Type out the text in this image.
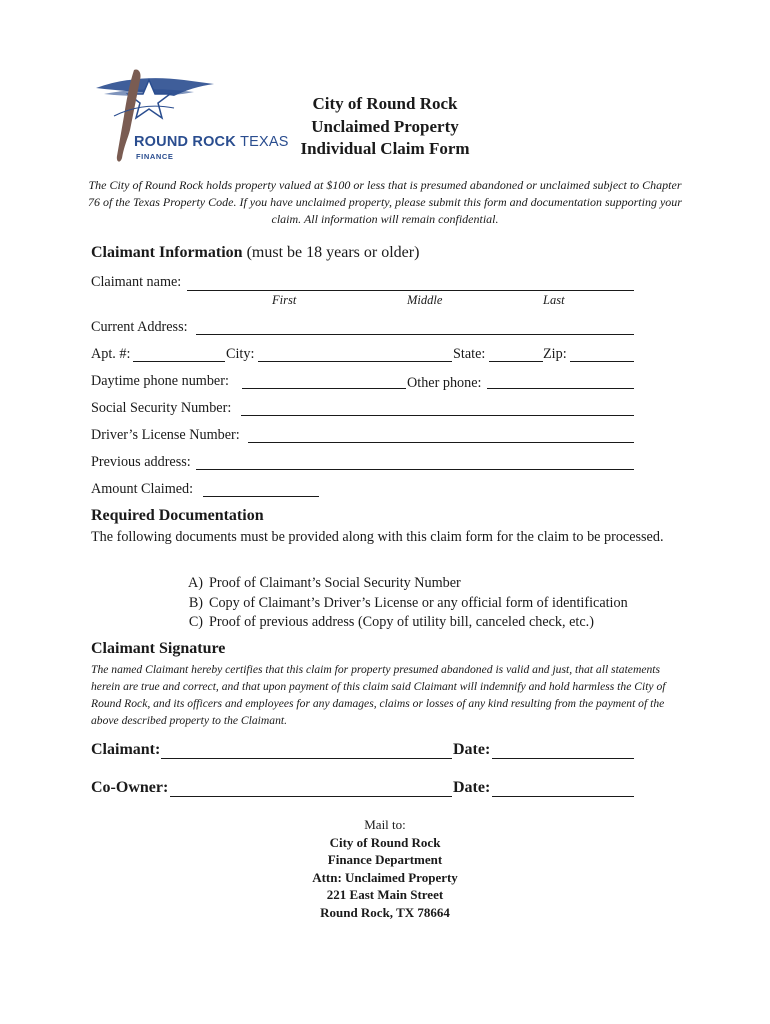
ROUND ROCK TEXAS
FINANCE
City of Round Rock
Unclaimed Property
Individual Claim Form
The City of Round Rock holds property valued at $100 or less that is presumed abandoned or unclaimed subject to Chapter 76 of the Texas Property Code. If you have unclaimed property, please submit this form and documentation supporting your claim. All information will remain confidential.
Claimant Information (must be 18 years or older)
Claimant name:
First	Middle	Last
Current Address:
Apt. #:	City:	State:	Zip:
Daytime phone number:	Other phone:
Social Security Number:
Driver’s License Number:
Previous address:
Amount Claimed:
Required Documentation
The following documents must be provided along with this claim form for the claim to be processed.
A) Proof of Claimant’s Social Security Number
B) Copy of Claimant’s Driver’s License or any official form of identification
C) Proof of previous address (Copy of utility bill, canceled check, etc.)
Claimant Signature
The named Claimant hereby certifies that this claim for property presumed abandoned is valid and just, that all statements herein are true and correct, and that upon payment of this claim said Claimant will indemnify and hold harmless the City of Round Rock, and its officers and employees for any damages, claims or losses of any kind resulting from the payment of the above described property to the Claimant.
Claimant:	Date:
Co-Owner:	Date:
Mail to:
City of Round Rock
Finance Department
Attn: Unclaimed Property
221 East Main Street
Round Rock, TX 78664
